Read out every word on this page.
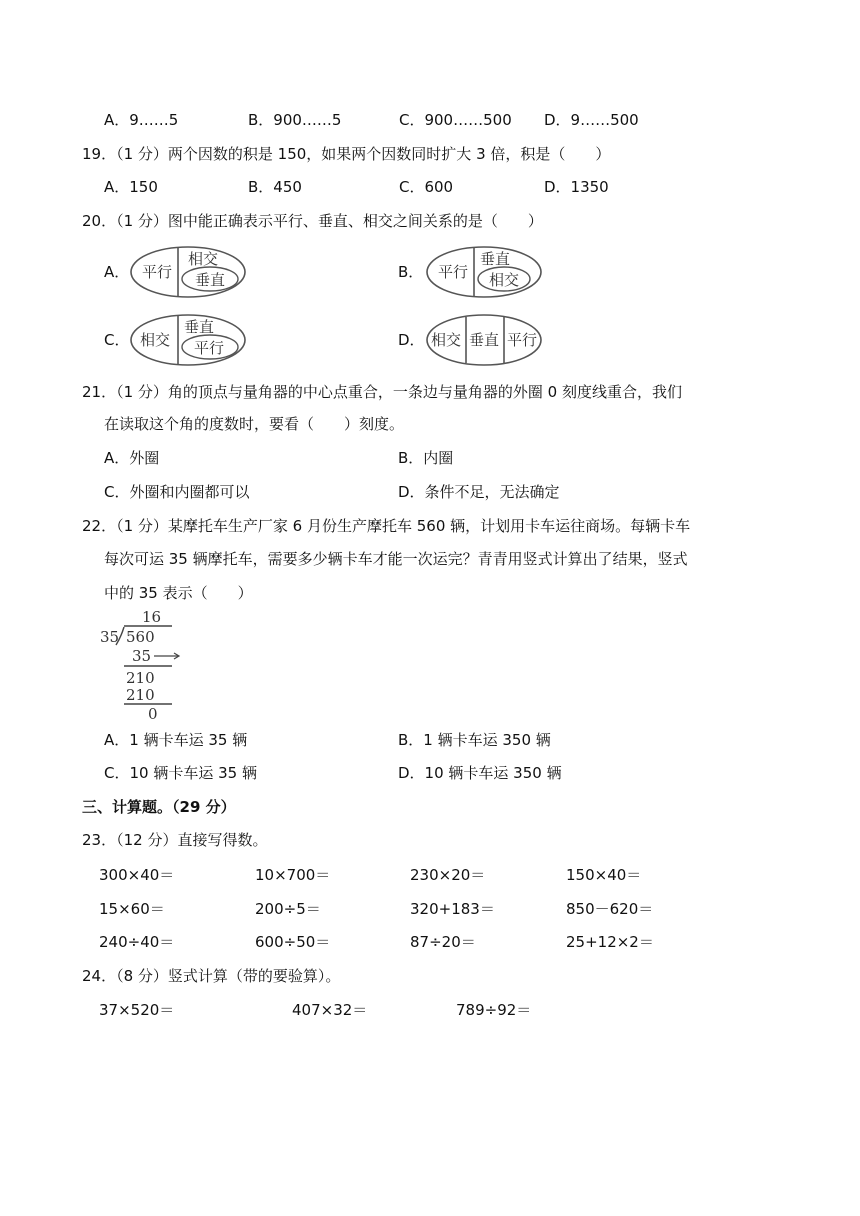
A．9……5	B．900……5	C．900……500 D．9……500
19．（1 分）两个因数的积是 150，如果两个因数同时扩大 3 倍，积是（　　）
A．150	B．450	C．600	D．1350
20．（1 分）图中能正确表示平行、垂直、相交之间关系的是（　　）
A． 平行
相交
垂直	B． 平行
垂直
相交
C． 相交
垂直
平行	D． 相交 垂直 平行
21．（1 分）角的顶点与量角器的中心点重合，一条边与量角器的外圈 0 刻度线重合，我们
在读取这个角的度数时，要看（　　）刻度。
A．外圈	B．内圈
C．外圈和内圈都可以	D．条件不足，无法确定
22．（1 分）某摩托车生产厂家 6 月份生产摩托车 560 辆，计划用卡车运往商场。每辆卡车
每次可运 35 辆摩托车，需要多少辆卡车才能一次运完？青青用竖式计算出了结果，竖式
中的 35 表示（　　）
16
35 560
35
210
210
0
A．1 辆卡车运 35 辆	B．1 辆卡车运 350 辆
C．10 辆卡车运 35 辆	D．10 辆卡车运 350 辆
三、计算题。（29 分）
23．（12 分）直接写得数。
300×40＝	10×700＝	230×20＝	150×40＝
15×60＝	200÷5＝	320+183＝	850－620＝
240÷40＝	600÷50＝	87÷20＝	25+12×2＝
24．（8 分）竖式计算（带的要验算）。
37×520＝	407×32＝	789÷92＝
